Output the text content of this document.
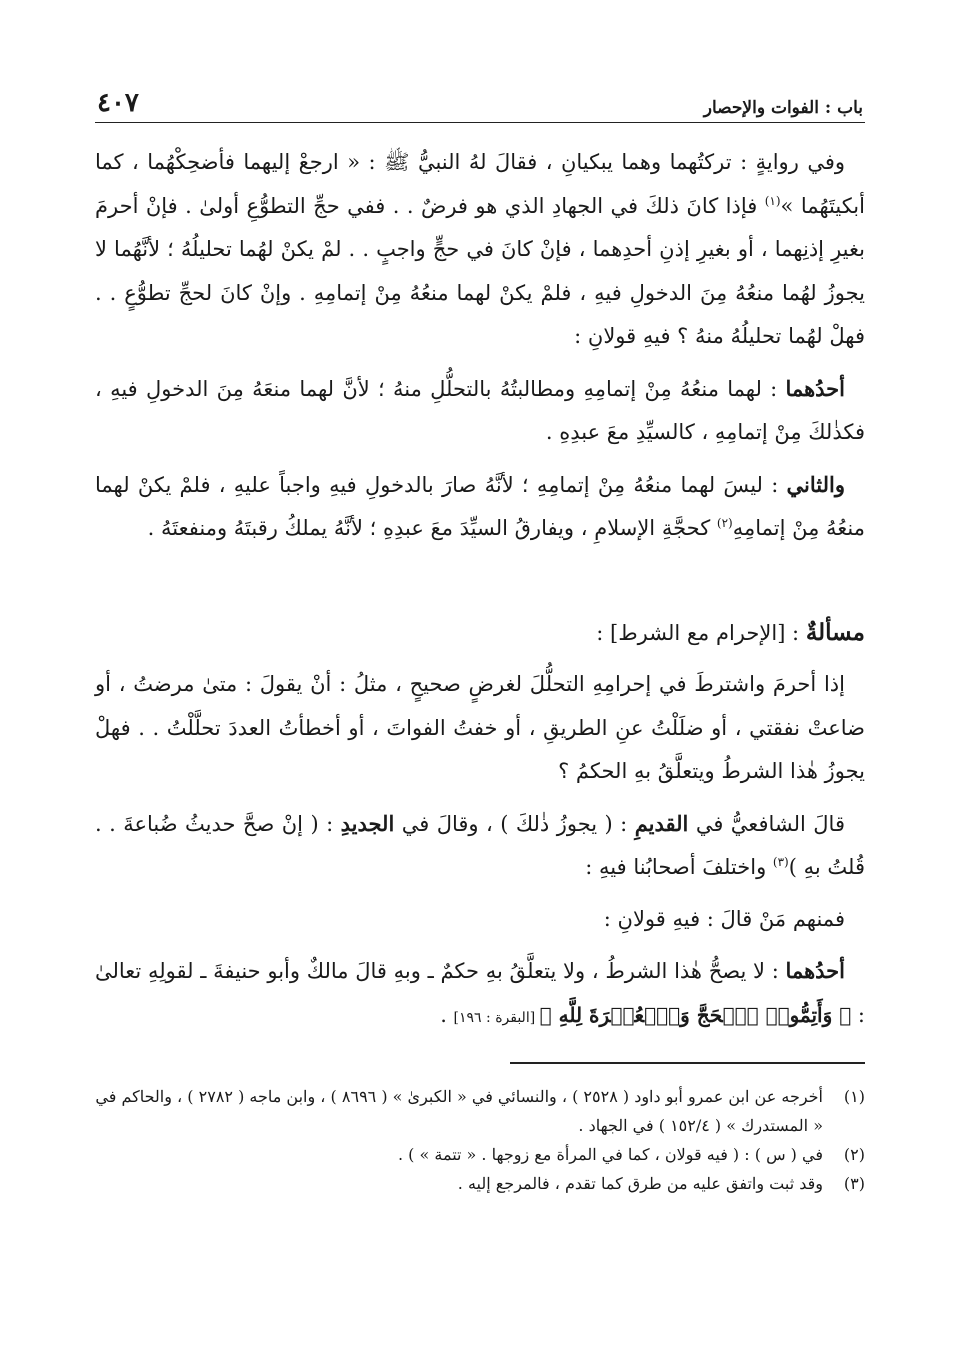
باب : الفوات والإحصار
٤٠٧

وفي روايةٍ : تركتُهما وهما يبكيانِ ، فقالَ لهُ النبيُّ ﷺ : « ارجعْ إليهما فأضحِكْهُما ، كما أبكيتَهُما »$^{(١)}$ فإذا كانَ ذلكَ في الجهادِ الذي هو فرضٌ . . ففي حجِّ التطوُّعِ أولىٰ . فإنْ أحرمَ بغيرِ إذنِهما ، أو بغيرِ إذنِ أحدِهما ، فإنْ كانَ في حجٍّ واجبٍ . . لمْ يكنْ لهُما تحليلُهُ ؛ لأنَّهُما لا يجوزُ لهُما منعُهُ مِنَ الدخولِ فيهِ ، فلمْ يكنْ لهما منعُهُ مِنْ إتمامِهِ . وإنْ كانَ لحجِّ تطوُّعٍ . . فهلْ لهُما تحليلُهُ منهُ ؟ فيهِ قولانِ :

أحدُهما : لهما منعُهُ مِنْ إتمامِهِ ومطالبتُهُ بالتحلُّلِ منهُ ؛ لأنَّ لهما منعَهُ مِنَ الدخولِ فيهِ ، فكذٰلكَ مِنْ إتمامِهِ ، كالسيِّدِ معَ عبدِهِ .

والثاني : ليسَ لهما منعُهُ مِنْ إتمامِهِ ؛ لأنَّهُ صارَ بالدخولِ فيهِ واجباً عليهِ ، فلمْ يكنْ لهما منعُهُ مِنْ إتمامِهِ$^{(٢)}$ كحجَّةِ الإسلامِ ، ويفارقُ السيِّدَ معَ عبدِهِ ؛ لأنَّهُ يملكُ رقبتَهُ ومنفعتَهُ .

مسألةٌ : [الإحرام مع الشرط] :

إذا أحرمَ واشترطَ في إحرامِهِ التحلُّلَ لغرضٍ صحيحٍ ، مثلُ : أنْ يقولَ : متىٰ مرضتُ ، أو ضاعتْ نفقتي ، أو ضلَلْتُ عنِ الطريقِ ، أو خفتُ الفواتَ ، أو أخطأتُ العددَ تحلَّلْتُ . . فهلْ يجوزُ هٰذا الشرطُ ويتعلَّقُ بهِ الحكمُ ؟

قالَ الشافعيُّ في القديمِ : ( يجوزُ ذٰلكَ ) ، وقالَ في الجديدِ : ( إنْ صحَّ حديثُ ضُباعةَ . . قُلتُ بهِ )$^{(٣)}$ واختلفَ أصحابُنا فيهِ :

فمنهم مَنْ قالَ : فيهِ قولانِ :

أحدُهما : لا يصحُّ هٰذا الشرطُ ، ولا يتعلَّقُ بهِ حكمٌ ـ وبهِ قالَ مالكٌ وأبو حنيفةَ ـ لقولِهِ تعالىٰ : ﴿ وَأَتِمُّوا۟ ٱلۡحَجَّ وَٱلۡعُمۡرَةَ لِلَّهِ ﴾ [البقرة : ١٩٦] .

(١)
أخرجه عن ابن عمرو أبو داود ( ٢٥٢٨ ) ، والنسائي في « الكبرىٰ » ( ٨٦٩٦ ) ، وابن ماجه ( ٢٧٨٢ ) ، والحاكم في « المستدرك » ( ١٥٢/٤ ) في الجهاد .
(٢)
في ( س ) : ( فيه قولان ، كما في المرأة مع زوجها . « تتمة » ) .
(٣)
وقد ثبت واتفق عليه من طرق كما تقدم ، فالمرجع إليه .
